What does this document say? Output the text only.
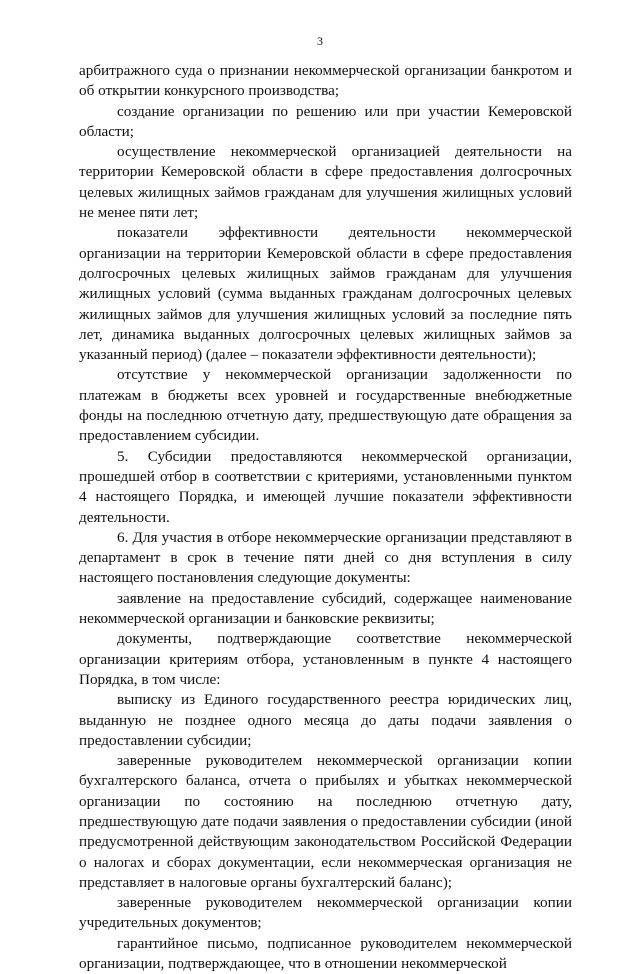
3

арбитражного суда о признании некоммерческой организации банкротом и об открытии конкурсного производства;

создание организации по решению или при участии Кемеровской области;

осуществление некоммерческой организацией деятельности на территории Кемеровской области в сфере предоставления долгосрочных целевых жилищных займов гражданам для улучшения жилищных условий не менее пяти лет;

показатели эффективности деятельности некоммерческой организации на территории Кемеровской области в сфере предоставления долгосрочных целевых жилищных займов гражданам для улучшения жилищных условий (сумма выданных гражданам долгосрочных целевых жилищных займов для улучшения жилищных условий за последние пять лет, динамика выданных долгосрочных целевых жилищных займов за указанный период) (далее – показатели эффективности деятельности);

отсутствие у некоммерческой организации задолженности по платежам в бюджеты всех уровней и государственные внебюджетные фонды на последнюю отчетную дату, предшествующую дате обращения за предоставлением субсидии.

5. Субсидии предоставляются некоммерческой организации, прошедшей отбор в соответствии с критериями, установленными пунктом 4 настоящего Порядка, и имеющей лучшие показатели эффективности деятельности.

6. Для участия в отборе некоммерческие организации представляют в департамент в срок в течение пяти дней со дня вступления в силу настоящего постановления следующие документы:

заявление на предоставление субсидий, содержащее наименование некоммерческой организации и банковские реквизиты;

документы, подтверждающие соответствие некоммерческой организации критериям отбора, установленным в пункте 4 настоящего Порядка, в том числе:

выписку из Единого государственного реестра юридических лиц, выданную не позднее одного месяца до даты подачи заявления о предоставлении субсидии;

заверенные руководителем некоммерческой организации копии бухгалтерского баланса, отчета о прибылях и убытках некоммерческой организации по состоянию на последнюю отчетную дату, предшествующую дате подачи заявления о предоставлении субсидии (иной предусмотренной действующим законодательством Российской Федерации о налогах и сборах документации, если некоммерческая организация не представляет в налоговые органы бухгалтерский баланс);

заверенные руководителем некоммерческой организации копии учредительных документов;

гарантийное письмо, подписанное руководителем некоммерческой организации, подтверждающее, что в отношении некоммерческой
